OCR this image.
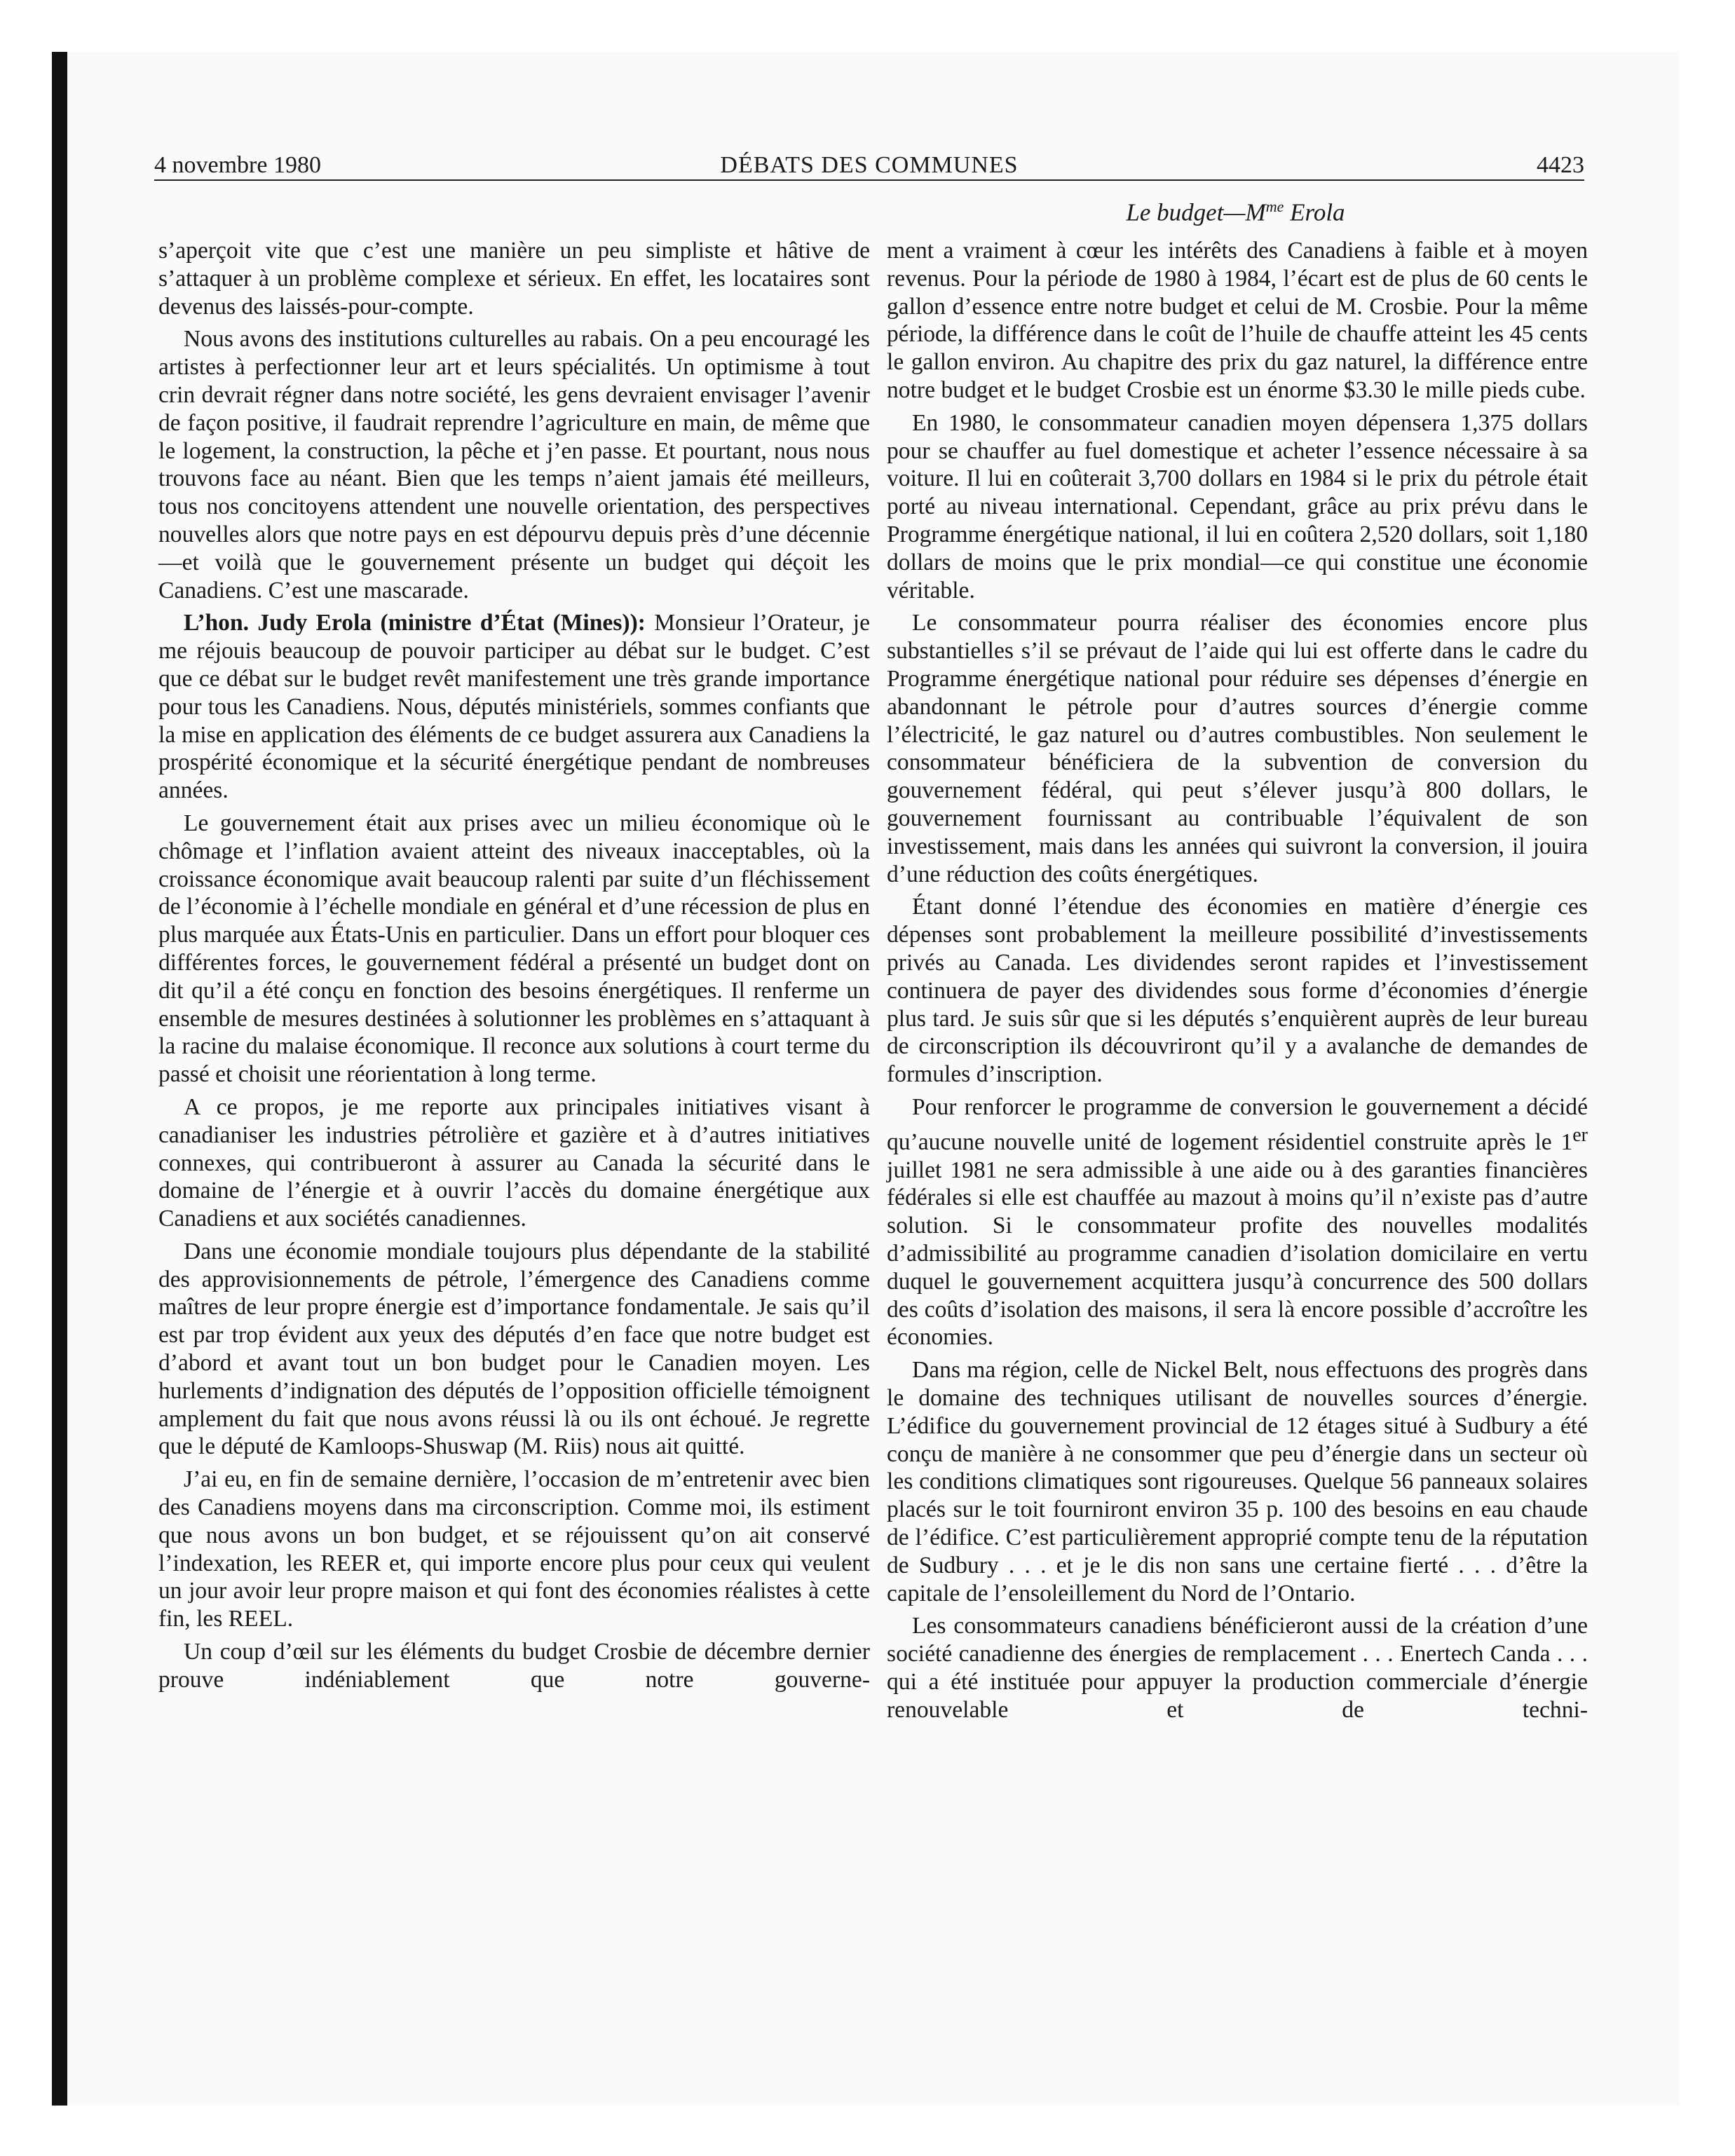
4 novembre 1980	DÉBATS DES COMMUNES	4423
Le $budget—M^{me}$ Erola

s’aperçoit vite que c’est une manière un peu simpliste et hâtive de s’attaquer à un problème complexe et sérieux. En effet, les locataires sont devenus des laissés-pour-compte.

Nous avons des institutions culturelles au rabais. On a peu encouragé les artistes à perfectionner leur art et leurs spécialités. Un optimisme à tout crin devrait régner dans notre société, les gens devraient envisager l’avenir de façon positive, il faudrait reprendre l’agriculture en main, de même que le logement, la construction, la pêche et j’en passe. Et pourtant, nous nous trouvons face au néant. Bien que les temps n’aient jamais été meilleurs, tous nos concitoyens attendent une nouvelle orientation, des perspectives nouvelles alors que notre pays en est dépourvu depuis près d’une décennie—et voilà que le gouvernement présente un budget qui déçoit les Canadiens. C’est une mascarade.

L’hon. Judy Erola (ministre d’État (Mines)): Monsieur l’Orateur, je me réjouis beaucoup de pouvoir participer au débat sur le budget. C’est que ce débat sur le budget revêt manifestement une très grande importance pour tous les Canadiens. Nous, députés ministériels, sommes confiants que la mise en application des éléments de ce budget assurera aux Canadiens la prospérité économique et la sécurité énergétique pendant de nombreuses années.

Le gouvernement était aux prises avec un milieu économique où le chômage et l’inflation avaient atteint des niveaux inacceptables, où la croissance économique avait beaucoup ralenti par suite d’un fléchissement de l’économie à l’échelle mondiale en général et d’une récession de plus en plus marquée aux États-Unis en particulier. Dans un effort pour bloquer ces différentes forces, le gouvernement fédéral a présenté un budget dont on dit qu’il a été conçu en fonction des besoins énergétiques. Il renferme un ensemble de mesures destinées à solutionner les problèmes en s’attaquant à la racine du malaise économique. Il reconce aux solutions à court terme du passé et choisit une réorientation à long terme.

A ce propos, je me reporte aux principales initiatives visant à canadianiser les industries pétrolière et gazière et à d’autres initiatives connexes, qui contribueront à assurer au Canada la sécurité dans le domaine de l’énergie et à ouvrir l’accès du domaine énergétique aux Canadiens et aux sociétés canadiennes.

Dans une économie mondiale toujours plus dépendante de la stabilité des approvisionnements de pétrole, l’émergence des Canadiens comme maîtres de leur propre énergie est d’importance fondamentale. Je sais qu’il est par trop évident aux yeux des députés d’en face que notre budget est d’abord et avant tout un bon budget pour le Canadien moyen. Les hurlements d’indignation des députés de l’opposition officielle témoignent amplement du fait que nous avons réussi là ou ils ont échoué. Je regrette que le député de Kamloops-Shuswap (M. Riis) nous ait quitté.

J’ai eu, en fin de semaine dernière, l’occasion de m’entretenir avec bien des Canadiens moyens dans ma circonscription. Comme moi, ils estiment que nous avons un bon budget, et se réjouissent qu’on ait conservé l’indexation, les REER et, qui importe encore plus pour ceux qui veulent un jour avoir leur propre maison et qui font des économies réalistes à cette fin, les REEL.

Un coup d’œil sur les éléments du budget Crosbie de décembre dernier prouve indéniablement que notre gouverne-

ment a vraiment à cœur les intérêts des Canadiens à faible et à moyen revenus. Pour la période de 1980 à 1984, l’écart est de plus de 60 cents le gallon d’essence entre notre budget et celui de M. Crosbie. Pour la même période, la différence dans le coût de l’huile de chauffe atteint les 45 cents le gallon environ. Au chapitre des prix du gaz naturel, la différence entre notre budget et le budget Crosbie est un énorme $3.30 le mille pieds cube.

En 1980, le consommateur canadien moyen dépensera 1,375 dollars pour se chauffer au fuel domestique et acheter l’essence nécessaire à sa voiture. Il lui en coûterait 3,700 dollars en 1984 si le prix du pétrole était porté au niveau international. Cependant, grâce au prix prévu dans le Programme énergétique national, il lui en coûtera 2,520 dollars, soit 1,180 dollars de moins que le prix mondial—ce qui constitue une économie véritable.

Le consommateur pourra réaliser des économies encore plus substantielles s’il se prévaut de l’aide qui lui est offerte dans le cadre du Programme énergétique national pour réduire ses dépenses d’énergie en abandonnant le pétrole pour d’autres sources d’énergie comme l’électricité, le gaz naturel ou d’autres combustibles. Non seulement le consommateur bénéficiera de la subvention de conversion du gouvernement fédéral, qui peut s’élever jusqu’à 800 dollars, le gouvernement fournissant au contribuable l’équivalent de son investissement, mais dans les années qui suivront la conversion, il jouira d’une réduction des coûts énergétiques.

Étant donné l’étendue des économies en matière d’énergie ces dépenses sont probablement la meilleure possibilité d’investissements privés au Canada. Les dividendes seront rapides et l’investissement continuera de payer des dividendes sous forme d’économies d’énergie plus tard. Je suis sûr que si les députés s’enquièrent auprès de leur bureau de circonscription ils découvriront qu’il y a avalanche de demandes de formules d’inscription.

Pour renforcer le programme de conversion le gouvernement a décidé qu’aucune nouvelle unité de logement résidentiel construite après le 1er juillet 1981 ne sera admissible à une aide ou à des garanties financières fédérales si elle est chauffée au mazout à moins qu’il n’existe pas d’autre solution. Si le consommateur profite des nouvelles modalités d’admissibilité au programme canadien d’isolation domicilaire en vertu duquel le gouvernement acquittera jusqu’à concurrence des 500 dollars des coûts d’isolation des maisons, il sera là encore possible d’accroître les économies.

Dans ma région, celle de Nickel Belt, nous effectuons des progrès dans le domaine des techniques utilisant de nouvelles sources d’énergie. L’édifice du gouvernement provincial de 12 étages situé à Sudbury a été conçu de manière à ne consommer que peu d’énergie dans un secteur où les conditions climatiques sont rigoureuses. Quelque 56 panneaux solaires placés sur le toit fourniront environ 35 p. 100 des besoins en eau chaude de l’édifice. C’est particulièrement approprié compte tenu de la réputation de Sudbury . . . et je le dis non sans une certaine fierté . . . d’être la capitale de l’ensoleillement du Nord de l’Ontario.

Les consommateurs canadiens bénéficieront aussi de la création d’une société canadienne des énergies de remplacement . . . Enertech Canda . . . qui a été instituée pour appuyer la production commerciale d’énergie renouvelable et de techni-
